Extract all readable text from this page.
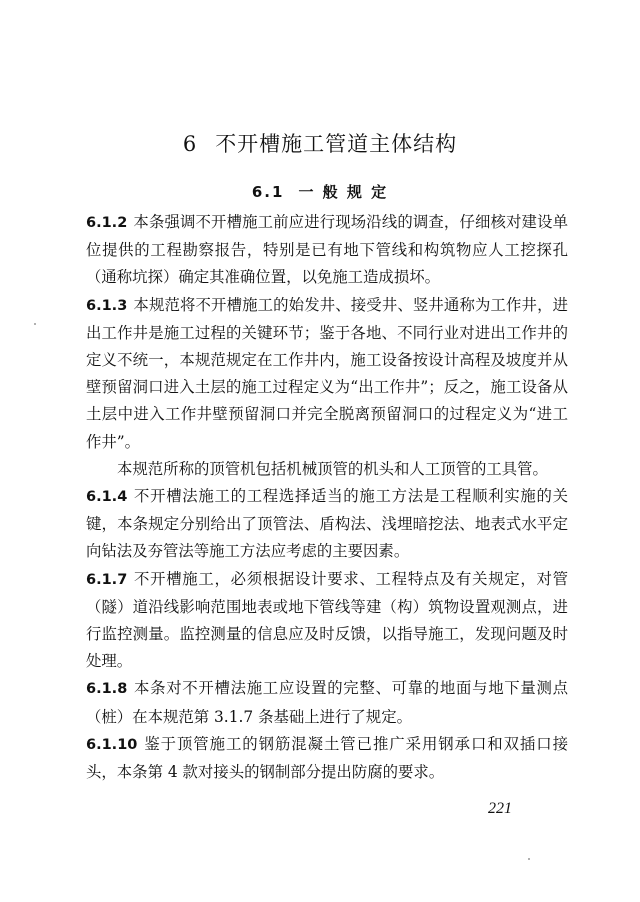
6 不开槽施工管道主体结构
6.1 一 般 规 定

6.1.2 本条强调不开槽施工前应进行现场沿线的调查，仔细核对建设单位提供的工程勘察报告，特别是已有地下管线和构筑物应人工挖探孔（通称坑探）确定其准确位置，以免施工造成损坏。

6.1.3 本规范将不开槽施工的始发井、接受井、竖井通称为工作井，进出工作井是施工过程的关键环节；鉴于各地、不同行业对进出工作井的定义不统一，本规范规定在工作井内，施工设备按设计高程及坡度并从壁预留洞口进入土层的施工过程定义为“出工作井”；反之，施工设备从土层中进入工作井壁预留洞口并完全脱离预留洞口的过程定义为“进工作井”。

本规范所称的顶管机包括机械顶管的机头和人工顶管的工具管。

6.1.4 不开槽法施工的工程选择适当的施工方法是工程顺利实施的关键，本条规定分别给出了顶管法、盾构法、浅埋暗挖法、地表式水平定向钻法及夯管法等施工方法应考虑的主要因素。

6.1.7 不开槽施工，必须根据设计要求、工程特点及有关规定，对管（隧）道沿线影响范围地表或地下管线等建（构）筑物设置观测点，进行监控测量。监控测量的信息应及时反馈，以指导施工，发现问题及时处理。

6.1.8 本条对不开槽法施工应设置的完整、可靠的地面与地下量测点（桩）在本规范第 3.1.7 条基础上进行了规定。

6.1.10 鉴于顶管施工的钢筋混凝土管已推广采用钢承口和双插口接头，本条第 4 款对接头的钢制部分提出防腐的要求。

221
